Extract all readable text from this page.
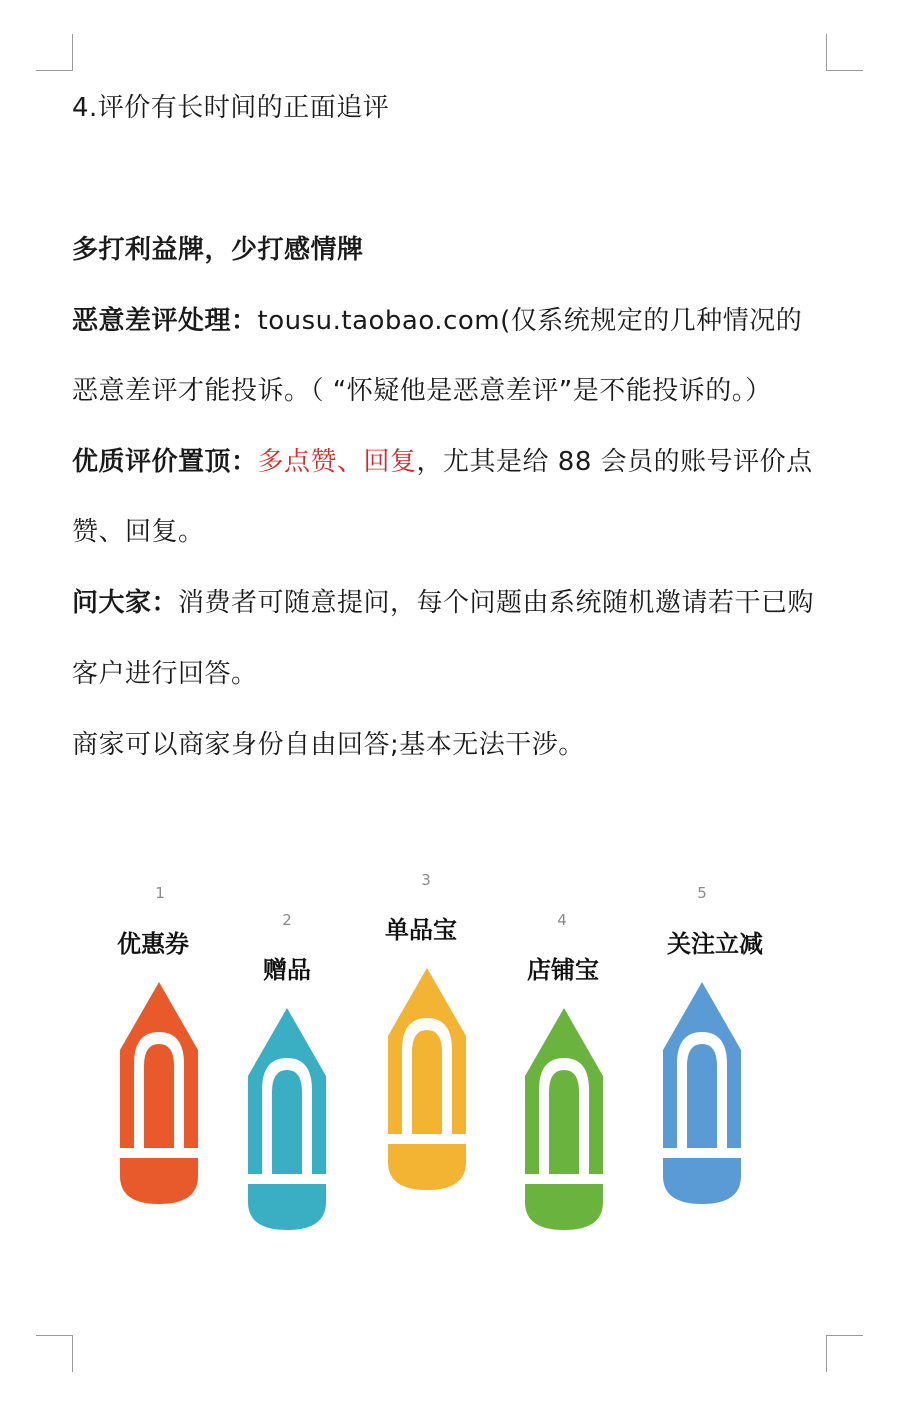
4.评价有长时间的正面追评
多打利益牌，少打感情牌
恶意差评处理：tousu.taobao.com(仅系统规定的几种情况的
恶意差评才能投诉。（ “怀疑他是恶意差评”是不能投诉的。）
优质评价置顶：多点赞、回复，尤其是给 88 会员的账号评价点
赞、回复。
问大家：消费者可随意提问，每个问题由系统随机邀请若干已购
客户进行回答。
商家可以商家身份自由回答;基本无法干涉。
1
优惠券
2
赠品
3
单品宝	4
店铺宝
5
关注立减
